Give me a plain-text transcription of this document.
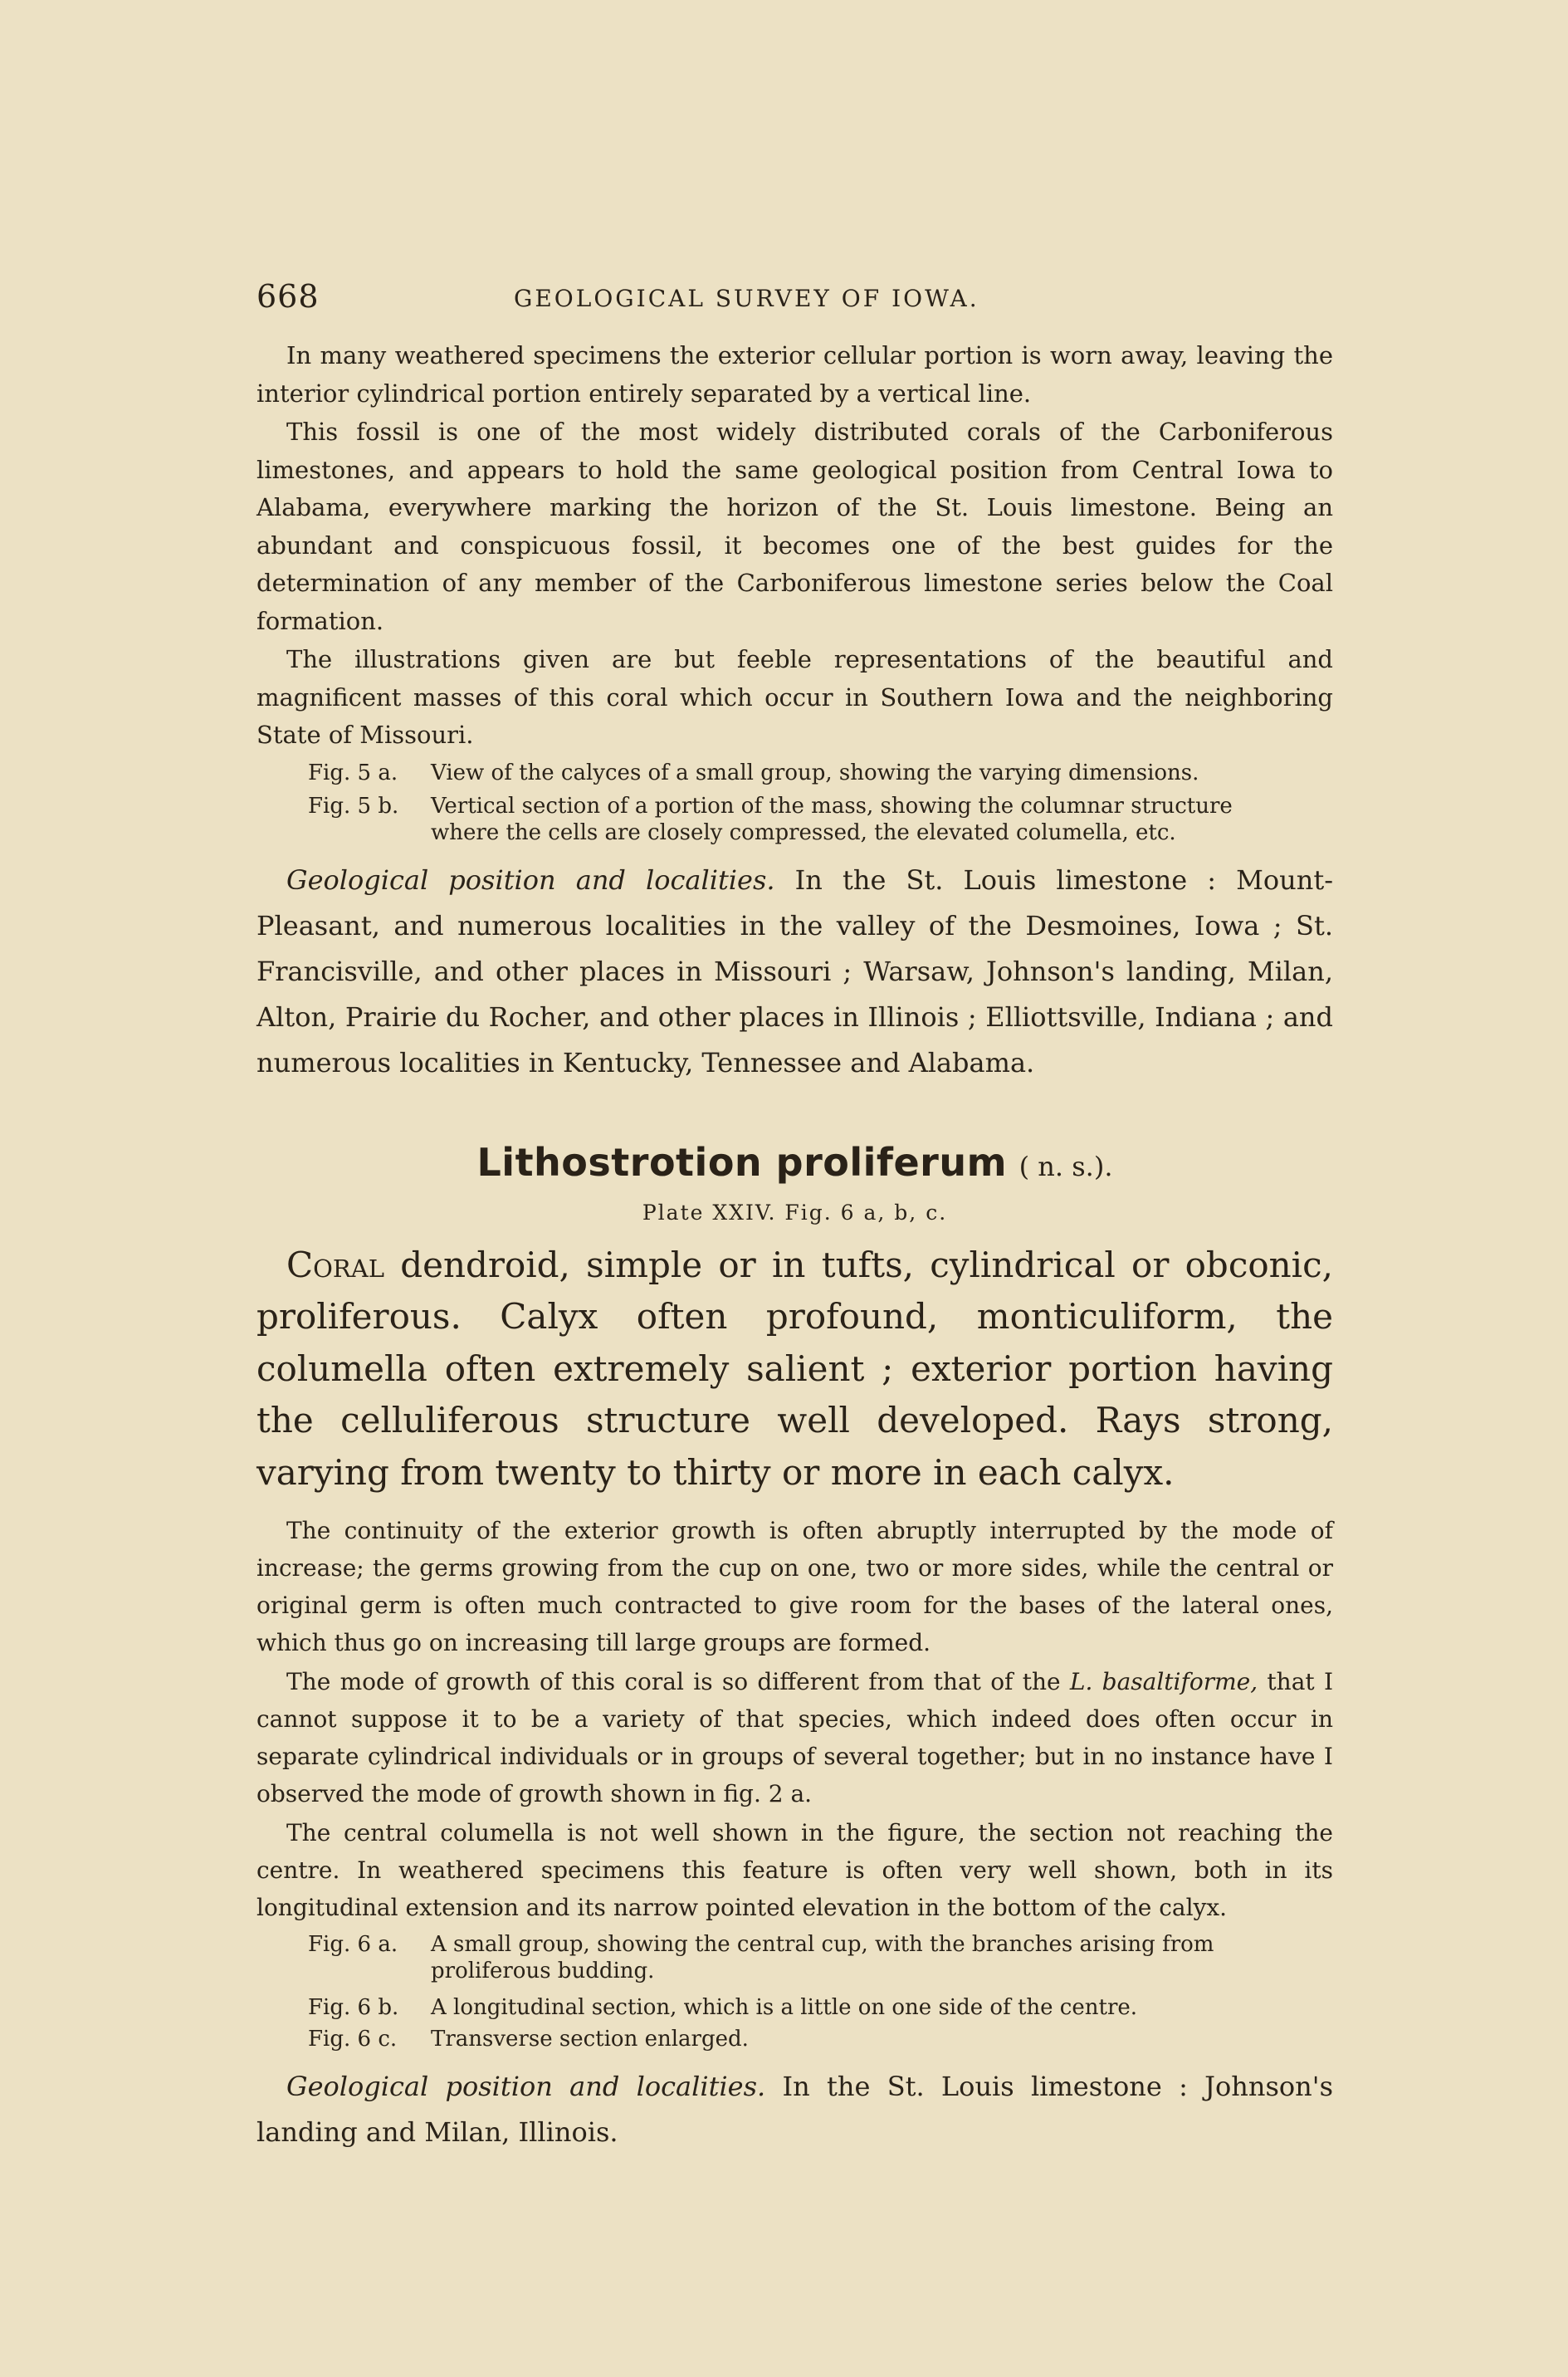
668	GEOLOGICAL SURVEY OF IOWA.

In many weathered specimens the exterior cellular portion is worn away, leaving the interior cylindrical portion entirely separated by a vertical line.

This fossil is one of the most widely distributed corals of the Carboniferous limestones, and appears to hold the same geological position from Central Iowa to Alabama, everywhere marking the horizon of the St. Louis limestone. Being an abundant and conspicuous fossil, it becomes one of the best guides for the determination of any member of the Carboniferous limestone series below the Coal formation.

The illustrations given are but feeble representations of the beautiful and magnificent masses of this coral which occur in Southern Iowa and the neighboring State of Missouri.

Fig. 5 a. View of the calyces of a small group, showing the varying dimensions.
Fig. 5 b. Vertical section of a portion of the mass, showing the columnar structure
where the cells are closely compressed, the elevated columella, etc.

Geological position and localities. In the St. Louis limestone : Mount-Pleasant, and numerous localities in the valley of the Desmoines, Iowa ; St. Francisville, and other places in Missouri ; Warsaw, Johnson's landing, Milan, Alton, Prairie du Rocher, and other places in Illinois ; Elliottsville, Indiana ; and numerous localities in Kentucky, Tennessee and Alabama.

Lithostrotion proliferum ( n. s.).
Plate XXIV. Fig. 6 a, b, c.

Coral dendroid, simple or in tufts, cylindrical or obconic, proliferous. Calyx often profound, monticuliform, the columella often extremely salient ; exterior portion having the celluliferous structure well developed. Rays strong, varying from twenty to thirty or more in each calyx.

The continuity of the exterior growth is often abruptly interrupted by the mode of increase; the germs growing from the cup on one, two or more sides, while the central or original germ is often much contracted to give room for the bases of the lateral ones, which thus go on increasing till large groups are formed.

The mode of growth of this coral is so different from that of the L. basaltiforme, that I cannot suppose it to be a variety of that species, which indeed does often occur in separate cylindrical individuals or in groups of several together; but in no instance have I observed the mode of growth shown in fig. 2 a.

The central columella is not well shown in the figure, the section not reaching the centre. In weathered specimens this feature is often very well shown, both in its longitudinal extension and its narrow pointed elevation in the bottom of the calyx.

Fig. 6 a. A small group, showing the central cup, with the branches arising from
proliferous budding.
Fig. 6 b. A longitudinal section, which is a little on one side of the centre.
Fig. 6 c. Transverse section enlarged.

Geological position and localities. In the St. Louis limestone : Johnson's landing and Milan, Illinois.
